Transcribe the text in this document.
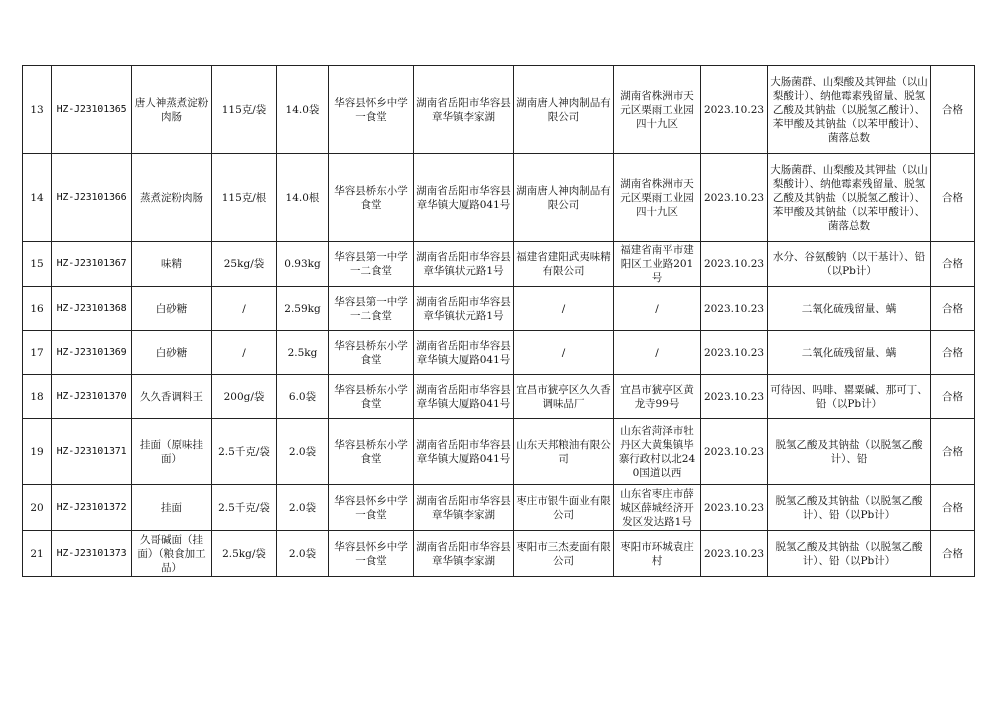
13	HZ-J23101365	唐人神蒸煮淀粉肉肠	115克/袋	14.0袋	华容县怀乡中学一食堂	湖南省岳阳市华容县章华镇李家湖	湖南唐人神肉制品有限公司	湖南省株洲市天元区栗雨工业园四十九区	2023.10.23	大肠菌群、山梨酸及其钾盐（以山梨酸计）、纳他霉素残留量、脱氢乙酸及其钠盐（以脱氢乙酸计）、苯甲酸及其钠盐（以苯甲酸计）、菌落总数	合格
14	HZ-J23101366	蒸煮淀粉肉肠	115克/根	14.0根	华容县桥东小学食堂	湖南省岳阳市华容县章华镇大厦路041号	湖南唐人神肉制品有限公司	湖南省株洲市天元区栗雨工业园四十九区	2023.10.23	大肠菌群、山梨酸及其钾盐（以山梨酸计）、纳他霉素残留量、脱氢乙酸及其钠盐（以脱氢乙酸计）、苯甲酸及其钠盐（以苯甲酸计）、菌落总数	合格
15	HZ-J23101367	味精	25kg/袋	0.93kg	华容县第一中学一二食堂	湖南省岳阳市华容县章华镇状元路1号	福建省建阳武夷味精有限公司	福建省南平市建阳区工业路201号	2023.10.23	水分、谷氨酸钠（以干基计）、铅（以Pb计）	合格
16	HZ-J23101368	白砂糖	/	2.59kg	华容县第一中学一二食堂	湖南省岳阳市华容县章华镇状元路1号	/	/	2023.10.23	二氧化硫残留量、螨	合格
17	HZ-J23101369	白砂糖	/	2.5kg	华容县桥东小学食堂	湖南省岳阳市华容县章华镇大厦路041号	/	/	2023.10.23	二氧化硫残留量、螨	合格
18	HZ-J23101370	久久香调料王	200g/袋	6.0袋	华容县桥东小学食堂	湖南省岳阳市华容县章华镇大厦路041号	宜昌市猇亭区久久香调味品厂	宜昌市猇亭区黄龙寺99号	2023.10.23	可待因、吗啡、罂粟碱、那可丁、铅（以Pb计）	合格
19	HZ-J23101371	挂面（原味挂面）	2.5千克/袋	2.0袋	华容县桥东小学食堂	湖南省岳阳市华容县章华镇大厦路041号	山东天邦粮油有限公司	山东省菏泽市牡丹区大黄集镇毕寨行政村以北240国道以西	2023.10.23	脱氢乙酸及其钠盐（以脱氢乙酸计）、铅	合格
20	HZ-J23101372	挂面	2.5千克/袋	2.0袋	华容县怀乡中学一食堂	湖南省岳阳市华容县章华镇李家湖	枣庄市银牛面业有限公司	山东省枣庄市薛城区薛城经济开发区发达路1号	2023.10.23	脱氢乙酸及其钠盐（以脱氢乙酸计）、铅（以Pb计）	合格
21	HZ-J23101373	久哥碱面（挂面）（粮食加工品）	2.5kg/袋	2.0袋	华容县怀乡中学一食堂	湖南省岳阳市华容县章华镇李家湖	枣阳市三杰麦面有限公司	枣阳市环城袁庄村	2023.10.23	脱氢乙酸及其钠盐（以脱氢乙酸计）、铅（以Pb计）	合格
